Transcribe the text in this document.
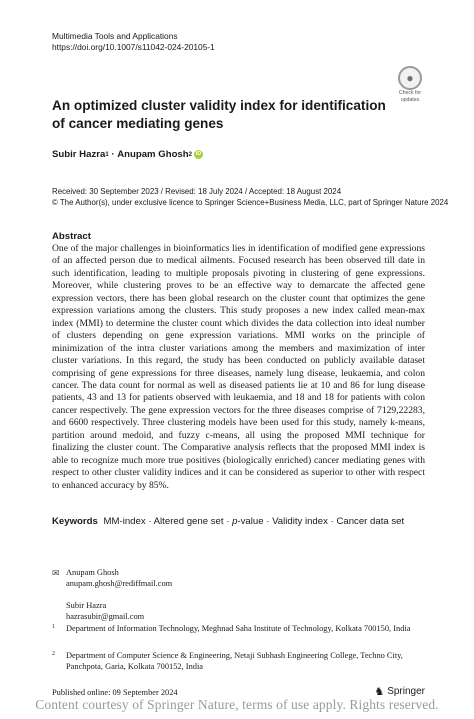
Multimedia Tools and Applications
https://doi.org/10.1007/s11042-024-20105-1
●
Check for
updates
An optimized cluster validity index for identification of cancer mediating genes
Subir Hazra 1 · Anupam Ghosh 2 iD
Received: 30 September 2023 / Revised: 18 July 2024 / Accepted: 18 August 2024
© The Author(s), under exclusive licence to Springer Science+Business Media, LLC, part of Springer Nature 2024
Abstract

One of the major challenges in bioinformatics lies in identification of modified gene expressions of an affected person due to medical ailments. Focused research has been observed till date in such identification, leading to multiple proposals pivoting in clustering of gene expressions. Moreover, while clustering proves to be an effective way to demarcate the affected gene expression vectors, there has been global research on the cluster count that optimizes the gene expression variations among the clusters. This study proposes a new index called mean-max index (MMI) to determine the cluster count which divides the data collection into ideal number of clusters depending on gene expression variations. MMI works on the principle of minimization of the intra cluster variations among the members and maximization of inter cluster variations. In this regard, the study has been conducted on publicly available dataset comprising of gene expressions for three diseases, namely lung disease, leukaemia, and colon cancer. The data count for normal as well as diseased patients lie at 10 and 86 for lung disease patients, 43 and 13 for patients observed with leukaemia, and 18 and 18 for patients with colon cancer respectively. The gene expression vectors for the three diseases comprise of 7129,22283, and 6600 respectively. Three clustering models have been used for this study, namely k-means, partition around medoid, and fuzzy c-means, all using the proposed MMI technique for finalizing the cluster count. The Comparative analysis reflects that the proposed MMI index is able to recognize much more true positives (biologically enriched) cancer mediating genes with respect to other cluster validity indices and it can be considered as superior to other with respect to enhanced accuracy by 85%.

Keywords MM-index · Altered gene set · p-value · Validity index · Cancer data set
✉ Anupam Ghosh
anupam.ghosh@rediffmail.com
Subir Hazra
hazrasubir@gmail.com
1 Department of Information Technology, Meghnad Saha Institute of Technology, Kolkata 700150, India
2 Department of Computer Science & Engineering, Netaji Subhash Engineering College, Techno City, Panchpota, Garia, Kolkata 700152, India
Published online: 09 September 2024	♞ Springer
Content courtesy of Springer Nature, terms of use apply. Rights reserved.
